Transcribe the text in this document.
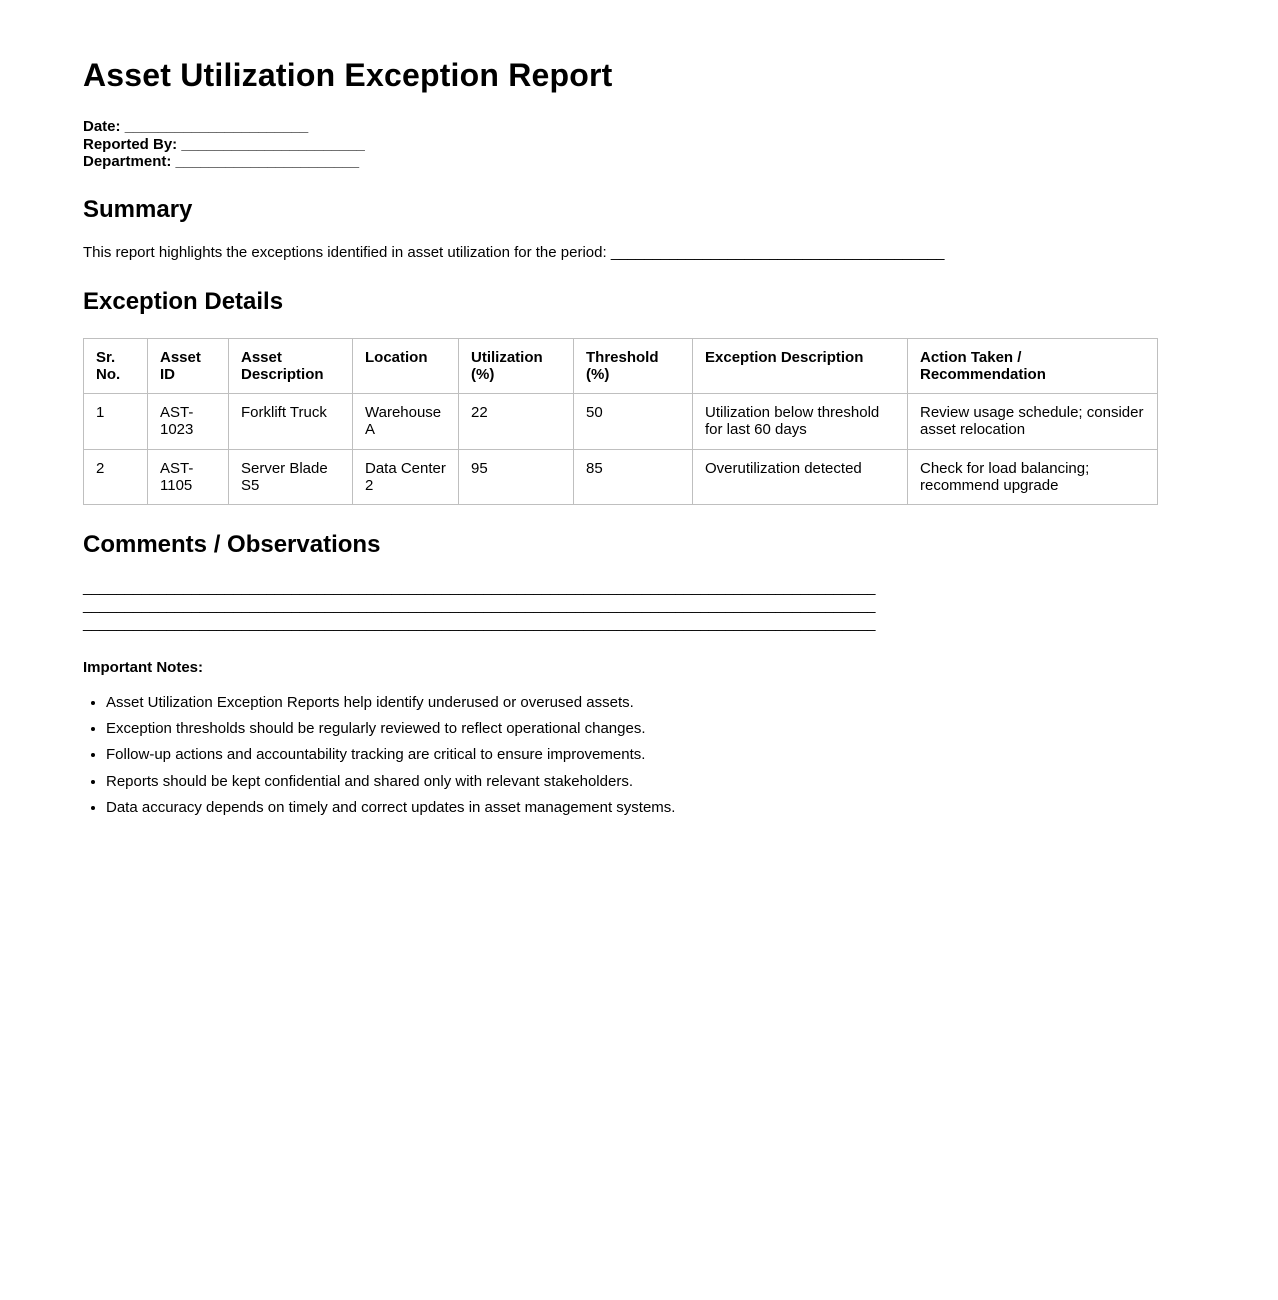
Asset Utilization Exception Report

Date: ______________________
Reported By: ______________________
Department: ______________________

Summary

This report highlights the exceptions identified in asset utilization for the period: ________________________________________

Exception Details
Sr. No.	Asset ID	Asset Description	Location	Utilization (%)	Threshold (%)	Exception Description	Action Taken / Recommendation
1	AST-1023	Forklift Truck	Warehouse A	22	50	Utilization below threshold for last 60 days	Review usage schedule; consider asset relocation
2	AST-1105	Server Blade S5	Data Center 2	95	85	Overutilization detected	Check for load balancing; recommend upgrade
Comments / Observations

_______________________________________________________________________________________________
_______________________________________________________________________________________________
_______________________________________________________________________________________________

Important Notes:

• Asset Utilization Exception Reports help identify underused or overused assets.
• Exception thresholds should be regularly reviewed to reflect operational changes.
• Follow-up actions and accountability tracking are critical to ensure improvements.
• Reports should be kept confidential and shared only with relevant stakeholders.
• Data accuracy depends on timely and correct updates in asset management systems.
